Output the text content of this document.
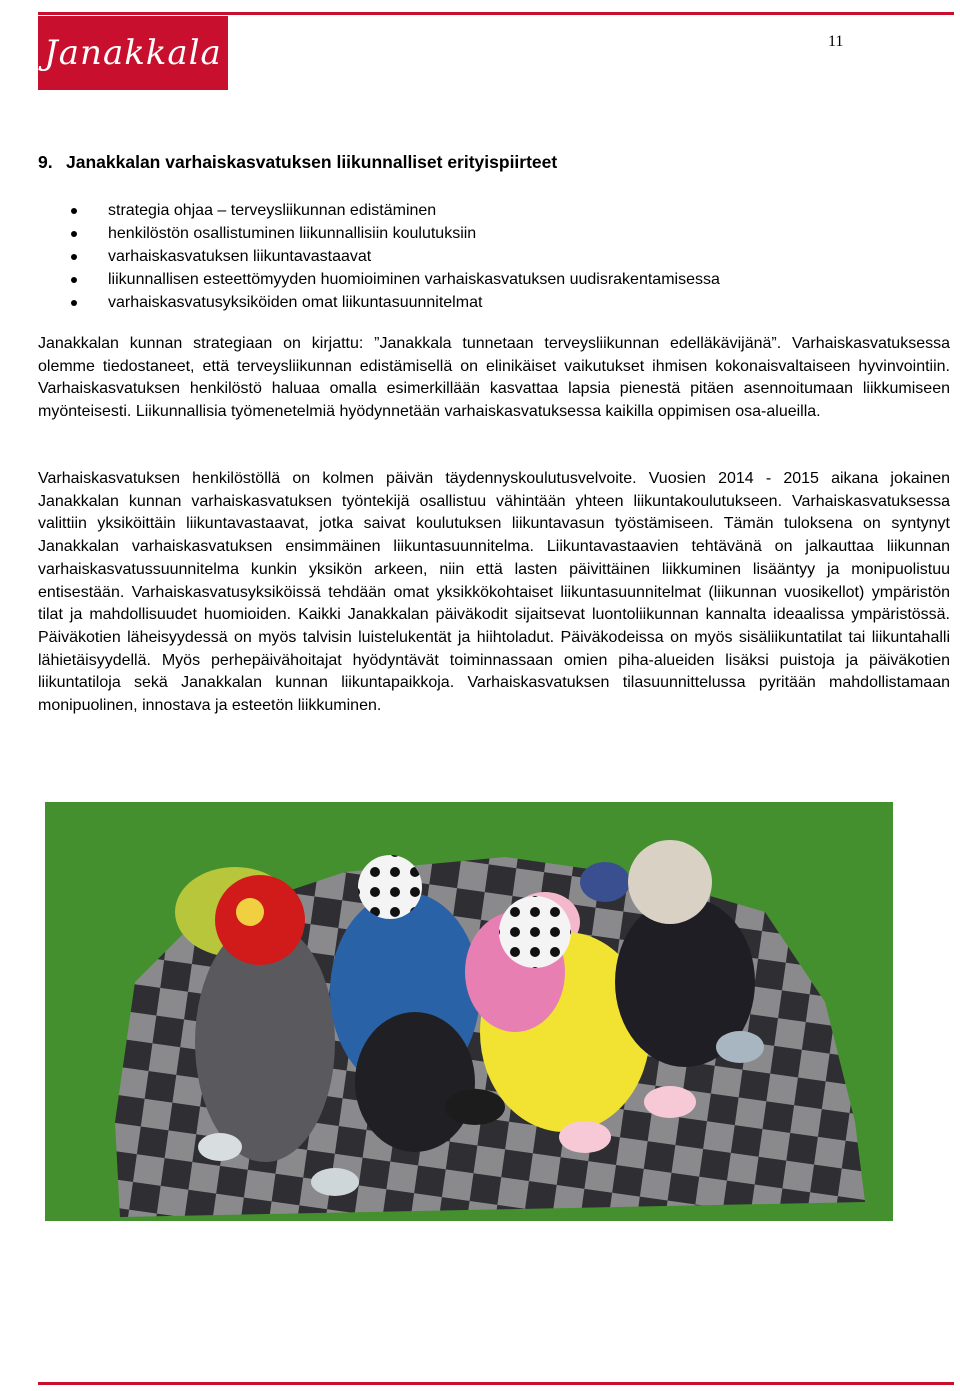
Janakkala	11
9. Janakkalan varhaiskasvatuksen liikunnalliset erityispiirteet
strategia ohjaa – terveysliikunnan edistäminen
henkilöstön osallistuminen liikunnallisiin koulutuksiin
varhaiskasvatuksen liikuntavastaavat
liikunnallisen esteettömyyden huomioiminen varhaiskasvatuksen uudisrakentamisessa
varhaiskasvatusyksiköiden omat liikuntasuunnitelmat

Janakkalan kunnan strategiaan on kirjattu: ”Janakkala tunnetaan terveysliikunnan edelläkävijänä”. Varhaiskasvatuksessa olemme tiedostaneet, että terveysliikunnan edistämisellä on elinikäiset vaikutukset ihmisen kokonaisvaltaiseen hyvinvointiin. Varhaiskasvatuksen henkilöstö haluaa omalla esimerkillään kasvattaa lapsia pienestä pitäen asennoitumaan liikkumiseen myönteisesti. Liikunnallisia työmenetelmiä hyödynnetään varhaiskasvatuksessa kaikilla oppimisen osa-alueilla.

Varhaiskasvatuksen henkilöstöllä on kolmen päivän täydennyskoulutusvelvoite. Vuosien 2014 - 2015 aikana jokainen Janakkalan kunnan varhaiskasvatuksen työntekijä osallistuu vähintään yhteen liikuntakoulutukseen. Varhaiskasvatuksessa valittiin yksiköittäin liikuntavastaavat, jotka saivat koulutuksen liikuntavasun työstämiseen. Tämän tuloksena on syntynyt Janakkalan varhaiskasvatuksen ensimmäinen liikuntasuunnitelma. Liikuntavastaavien tehtävänä on jalkauttaa liikunnan varhaiskasvatussuunnitelma kunkin yksikön arkeen, niin että lasten päivittäinen liikkuminen lisääntyy ja monipuolistuu entisestään. Varhaiskasvatusyksiköissä tehdään omat yksikkökohtaiset liikuntasuunnitelmat (liikunnan vuosikellot) ympäristön tilat ja mahdollisuudet huomioiden. Kaikki Janakkalan päiväkodit sijaitsevat luontoliikunnan kannalta ideaalissa ympäristössä. Päiväkotien läheisyydessä on myös talvisin luistelukentät ja hiihtoladut. Päiväkodeissa on myös sisäliikuntatilat tai liikuntahalli lähietäisyydellä. Myös perhepäivähoitajat hyödyntävät toiminnassaan omien piha-alueiden lisäksi puistoja ja päiväkotien liikuntatiloja sekä Janakkalan kunnan liikuntapaikkoja. Varhaiskasvatuksen tilasuunnittelussa pyritään mahdollistamaan monipuolinen, innostava ja esteetön liikkuminen.
